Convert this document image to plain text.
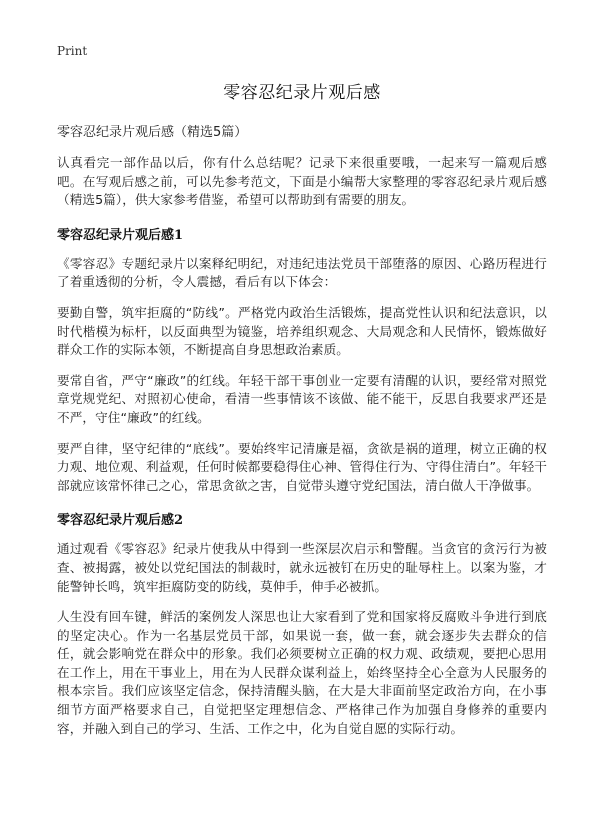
Print
零容忍纪录片观后感
零容忍纪录片观后感（精选5篇）

认真看完一部作品以后，你有什么总结呢？记录下来很重要哦，一起来写一篇观后感吧。在写观后感之前，可以先参考范文，下面是小编帮大家整理的零容忍纪录片观后感（精选5篇），供大家参考借鉴，希望可以帮助到有需要的朋友。

零容忍纪录片观后感1

《零容忍》专题纪录片以案释纪明纪，对违纪违法党员干部堕落的原因、心路历程进行了着重透彻的分析，令人震撼，看后有以下体会：

要勤自警，筑牢拒腐的“防线”。严格党内政治生活锻炼，提高党性认识和纪法意识，以时代楷模为标杆，以反面典型为镜鉴，培养组织观念、大局观念和人民情怀，锻炼做好群众工作的实际本领，不断提高自身思想政治素质。

要常自省，严守“廉政”的红线。年轻干部干事创业一定要有清醒的认识，要经常对照党章党规党纪、对照初心使命，看清一些事情该不该做、能不能干，反思自我要求严还是不严，守住“廉政”的红线。

要严自律，坚守纪律的“底线”。要始终牢记清廉是福，贪欲是祸的道理，树立正确的权力观、地位观、利益观，任何时候都要稳得住心神、管得住行为、守得住清白”。年轻干部就应该常怀律己之心，常思贪欲之害，自觉带头遵守党纪国法，清白做人干净做事。

零容忍纪录片观后感2

通过观看《零容忍》纪录片使我从中得到一些深层次启示和警醒。当贪官的贪污行为被查、被揭露，被处以党纪国法的制裁时，就永远被钉在历史的耻辱柱上。以案为鉴，才能警钟长鸣，筑牢拒腐防变的防线，莫伸手，伸手必被抓。

人生没有回车键，鲜活的案例发人深思也让大家看到了党和国家将反腐败斗争进行到底的坚定决心。作为一名基层党员干部，如果说一套，做一套，就会逐步失去群众的信任，就会影响党在群众中的形象。我们必须要树立正确的权力观、政绩观，要把心思用在工作上，用在干事业上，用在为人民群众谋利益上，始终坚持全心全意为人民服务的根本宗旨。我们应该坚定信念，保持清醒头脑，在大是大非面前坚定政治方向，在小事细节方面严格要求自己，自觉把坚定理想信念、严格律己作为加强自身修养的重要内容，并融入到自己的学习、生活、工作之中，化为自觉自愿的实际行动。
